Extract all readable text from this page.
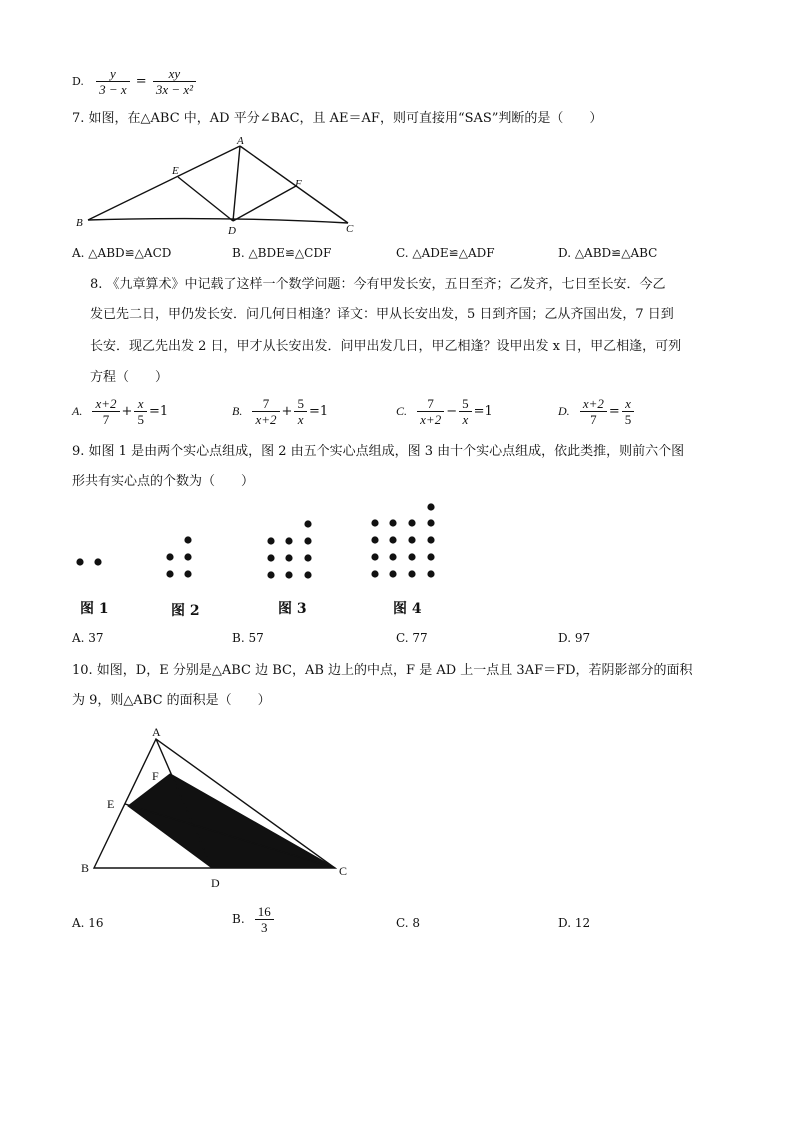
D. $\frac{y}{3 - x} = \frac{xy}{\text{3x − x²}}$
7. 如图，在△ABC 中，AD 平分∠BAC，且 AE＝AF，则可直接用“SAS”判断的是（　　）
A
B	C
D
E
F
A. △ABD≌△ACD	B. △BDE≌△CDF	C. △ADE≌△ADF	D. △ABD≌△ABC
8. 《九章算术》中记载了这样一个数学问题：今有甲发长安，五日至齐；乙发齐，七日至长安．今乙
发已先二日，甲仍发长安．问几何日相逢？译文：甲从长安出发，5 日到齐国；乙从齐国出发，7 日到
长安．现乙先出发 2 日，甲才从长安出发．问甲出发几日，甲乙相逢？设甲出发 x 日，甲乙相逢，可列
方程（　　）
A. $\frac{x+2}{7} + \frac{x}{5} =1$	B. $\frac{7}{x+2} + \frac{5}{x} =1$	C. $\frac{7}{x+2} - \frac{5}{x} =1$	D. $\frac{x+2}{7} = \frac{x}{5}$
9. 如图 1 是由两个实心点组成，图 2 由五个实心点组成，图 3 由十个实心点组成，依此类推，则前六个图
形共有实心点的个数为（　　）
图 1	图 2	图 3	图 4
A. 37	B. 57	C. 77	D. 97
10. 如图，D，E 分别是△ABC 边 BC，AB 边上的中点，F 是 AD 上一点且 3AF＝FD，若阴影部分的面积
为 9，则△ABC 的面积是（　　）
A
B	C
D
E
F
A. 16	B. $\frac{16}{3}$	C. 8	D. 12
